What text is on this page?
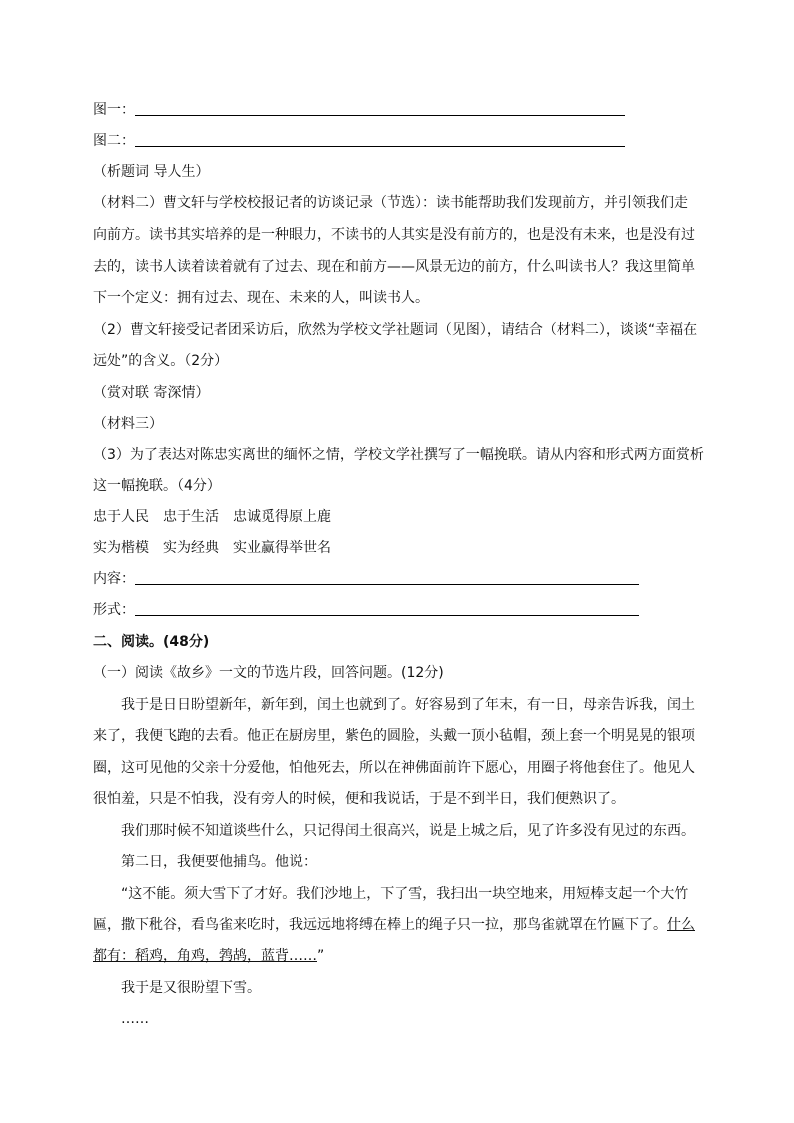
图一：
图二：
（析题词 导人生）
（材料二）曹文轩与学校校报记者的访谈记录（节选）：读书能帮助我们发现前方，并引领我们走
向前方。读书其实培养的是一种眼力，不读书的人其实是没有前方的，也是没有未来，也是没有过
去的，读书人读着读着就有了过去、现在和前方——风景无边的前方，什么叫读书人？我这里简单
下一个定义：拥有过去、现在、未来的人，叫读书人。
（2）曹文轩接受记者团采访后，欣然为学校文学社题词（见图），请结合（材料二），谈谈“幸福在
远处”的含义。（2分）
（赏对联 寄深情）
（材料三）
（3）为了表达对陈忠实离世的缅怀之情，学校文学社撰写了一幅挽联。请从内容和形式两方面赏析
这一幅挽联。（4分）
忠于人民　忠于生活　忠诚觅得原上鹿
实为楷模　实为经典　实业赢得举世名
内容：
形式：
二、阅读。(48分)
（一）阅读《故乡》一文的节选片段，回答问题。(12分)
我于是日日盼望新年，新年到，闰土也就到了。好容易到了年末，有一日，母亲告诉我，闰土
来了，我便飞跑的去看。他正在厨房里，紫色的圆脸，头戴一顶小毡帽，颈上套一个明晃晃的银项
圈，这可见他的父亲十分爱他，怕他死去，所以在神佛面前许下愿心，用圈子将他套住了。他见人
很怕羞，只是不怕我，没有旁人的时候，便和我说话，于是不到半日，我们便熟识了。
我们那时候不知道谈些什么，只记得闰土很高兴，说是上城之后，见了许多没有见过的东西。
第二日，我便要他捕鸟。他说：
“这不能。须大雪下了才好。我们沙地上，下了雪，我扫出一块空地来，用短棒支起一个大竹
匾，撒下秕谷，看鸟雀来吃时，我远远地将缚在棒上的绳子只一拉，那鸟雀就罩在竹匾下了。什么
都有：稻鸡，角鸡，鹁鸪，蓝背……”
我于是又很盼望下雪。
……
